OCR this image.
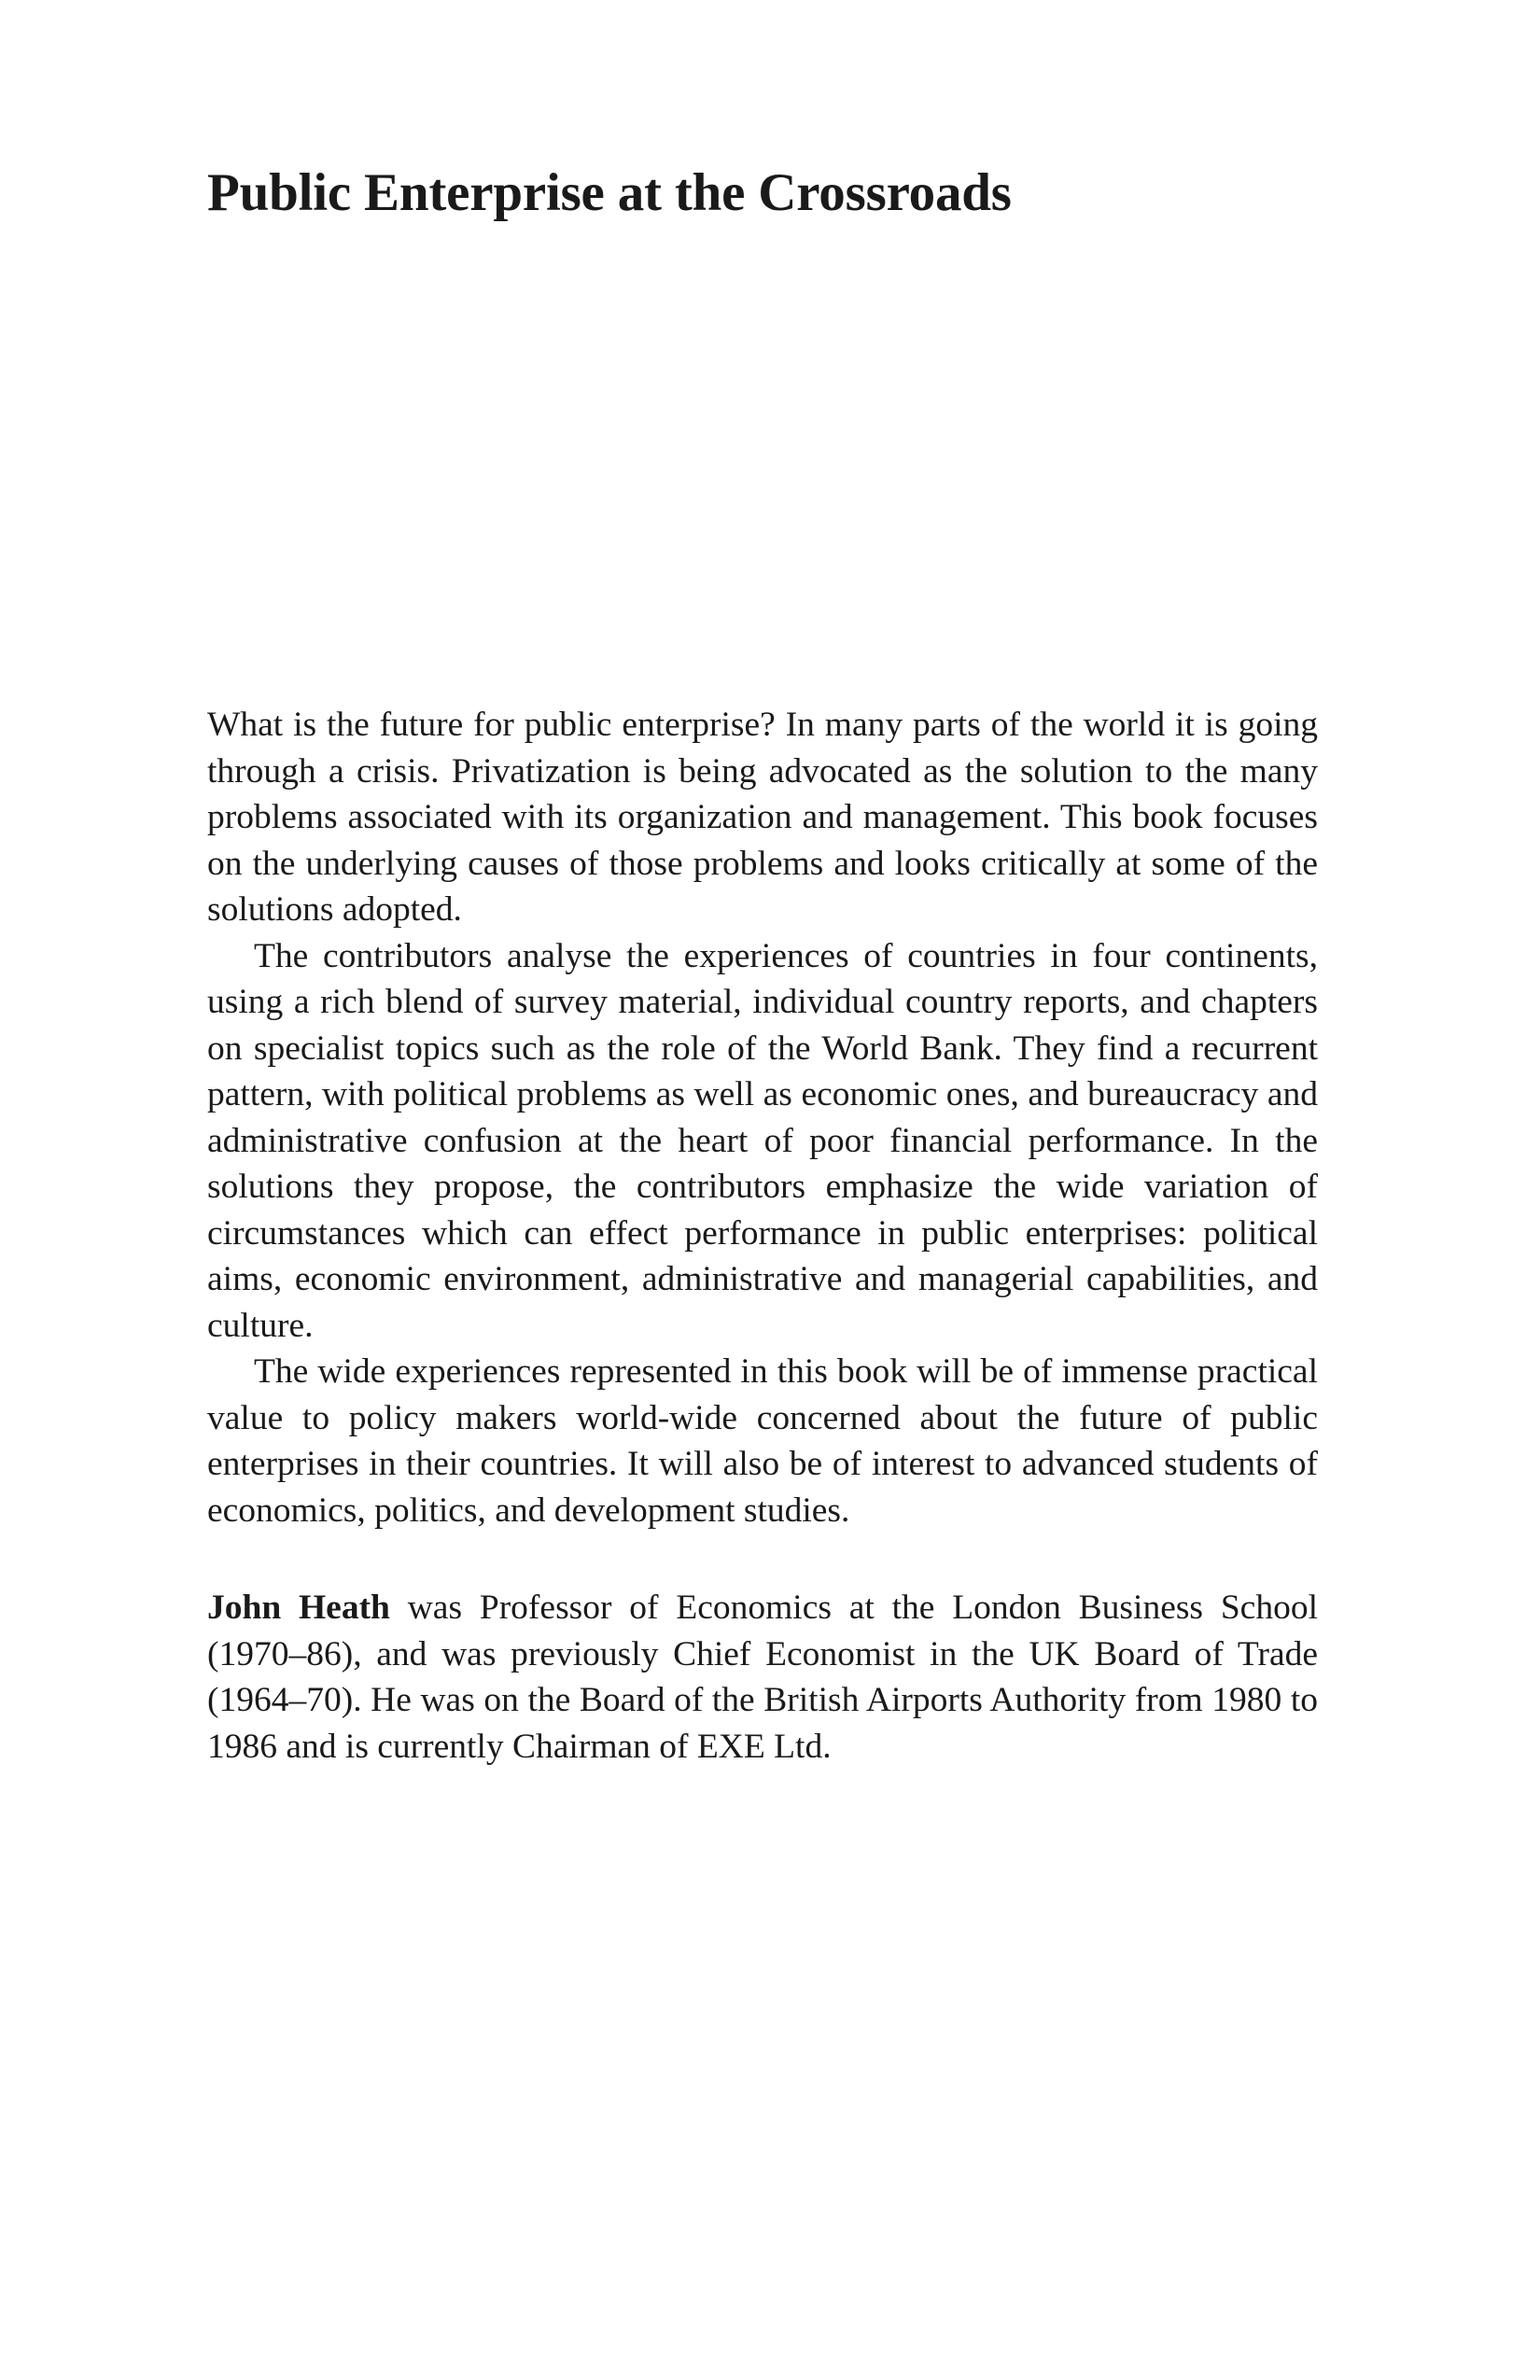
Public Enterprise at the Crossroads

What is the future for public enterprise? In many parts of the world it is going through a crisis. Privatization is being advocated as the solution to the many problems associated with its organization and management. This book focuses on the underlying causes of those problems and looks critically at some of the solutions adopted.

The contributors analyse the experiences of countries in four continents, using a rich blend of survey material, individual country reports, and chapters on specialist topics such as the role of the World Bank. They find a recurrent pattern, with political problems as well as economic ones, and bureaucracy and administrative confusion at the heart of poor financial performance. In the solutions they propose, the contributors emphasize the wide variation of circumstances which can effect performance in public enterprises: political aims, economic environment, administrative and managerial capabilities, and culture.

The wide experiences represented in this book will be of immense practical value to policy makers world-wide concerned about the future of public enterprises in their countries. It will also be of interest to advanced students of economics, politics, and development studies.

John Heath was Professor of Economics at the London Business School (1970–86), and was previously Chief Economist in the UK Board of Trade (1964–70). He was on the Board of the British Airports Authority from 1980 to 1986 and is currently Chairman of EXE Ltd.
